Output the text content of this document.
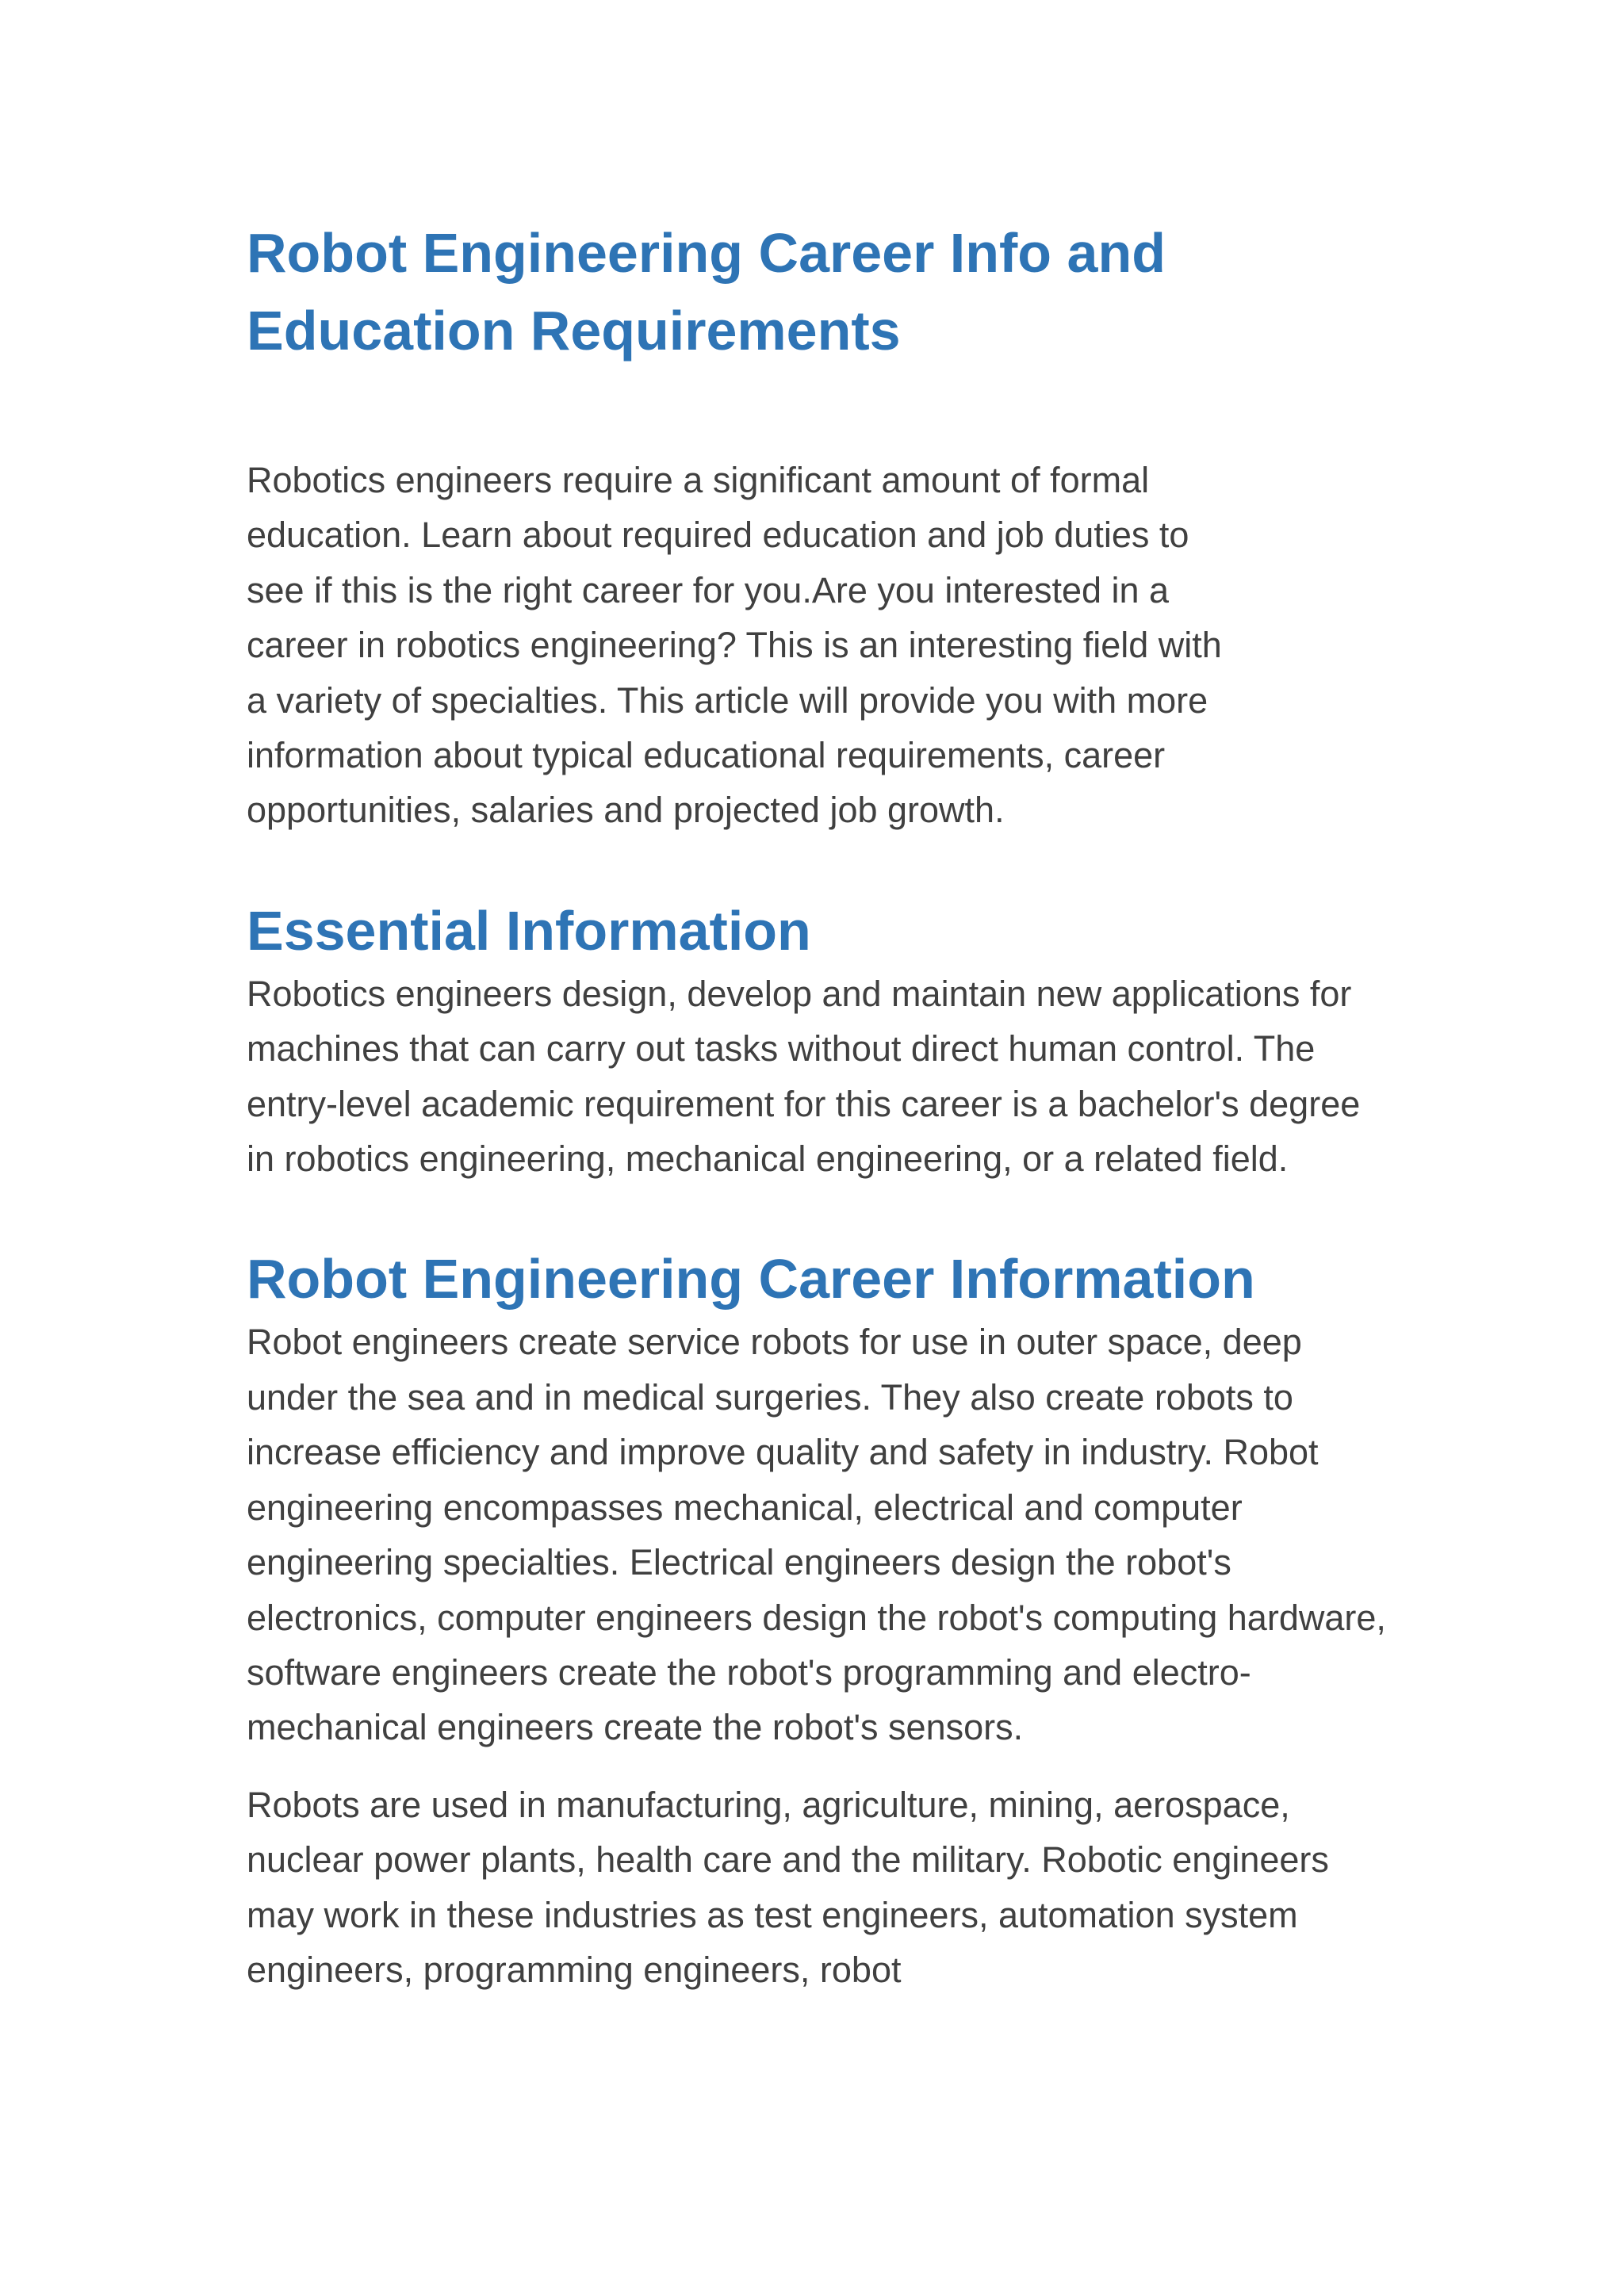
Robot Engineering Career Info and Education Requirements

Robotics engineers require a significant amount of formal education. Learn about required education and job duties to see if this is the right career for you.Are you interested in a career in robotics engineering? This is an interesting field with a variety of specialties. This article will provide you with more information about typical educational requirements, career opportunities, salaries and projected job growth.

Essential Information

Robotics engineers design, develop and maintain new applications for machines that can carry out tasks without direct human control. The entry-level academic requirement for this career is a bachelor's degree in robotics engineering, mechanical engineering, or a related field.

Robot Engineering Career Information

Robot engineers create service robots for use in outer space, deep under the sea and in medical surgeries. They also create robots to increase efficiency and improve quality and safety in industry. Robot engineering encompasses mechanical, electrical and computer engineering specialties. Electrical engineers design the robot's electronics, computer engineers design the robot's computing hardware, software engineers create the robot's programming and electro-mechanical engineers create the robot's sensors.

Robots are used in manufacturing, agriculture, mining, aerospace, nuclear power plants, health care and the military. Robotic engineers may work in these industries as test engineers, automation system engineers, programming engineers, robot
